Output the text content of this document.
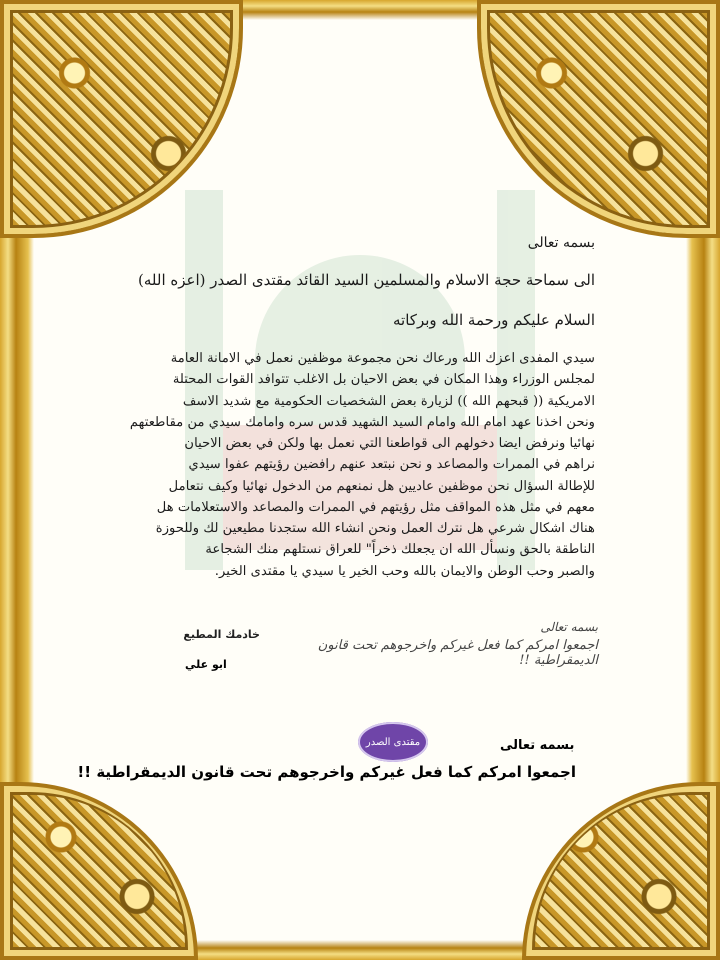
بسمه تعالى
الى سماحة حجة الاسلام والمسلمين السيد القائد مقتدى الصدر (اعزه الله)
السلام عليكم ورحمة الله وبركاته
سيدي المفدى اعزك الله ورعاك نحن مجموعة موظفين نعمل في الامانة العامة
لمجلس الوزراء وهذا المكان في بعض الاحيان بل الاغلب تتوافد القوات المحتلة
الامريكية (( قبحهم الله )) لزيارة بعض الشخصيات الحكومية مع شديد الاسف
ونحن اخذنا عهد امام الله وامام السيد الشهيد قدس سره وامامك سيدي من مقاطعتهم
نهائيا ونرفض ايضا دخولهم الى قواطعنا التي نعمل بها ولكن في بعض الاحيان
نراهم في الممرات والمصاعد و نحن نبتعد عنهم رافضين رؤيتهم عفوا سيدي
للإطالة السؤال نحن موظفين عاديين هل نمنعهم من الدخول نهائيا وكيف نتعامل
معهم في مثل هذه المواقف مثل رؤيتهم في الممرات والمصاعد والاستعلامات هل
هناك اشكال شرعي هل نترك العمل ونحن انشاء الله ستجدنا مطيعين لك وللحوزة
الناطقة بالحق ونسأل الله ان يجعلك ذخراً" للعراق نستلهم منك الشجاعة
والصبر وحب الوطن والايمان بالله وحب الخير يا سيدي يا مقتدى الخير.
خادمك المطيع
ابو علي
بسمه تعالى
اجمعوا امركم كما فعل غيركم واخرجوهم تحت قانون الديمقراطية !!
مقتدى الصدر	بسمه تعالى
اجمعوا امركم كما فعل غيركم واخرجوهم تحت قانون الديمقراطية !!
